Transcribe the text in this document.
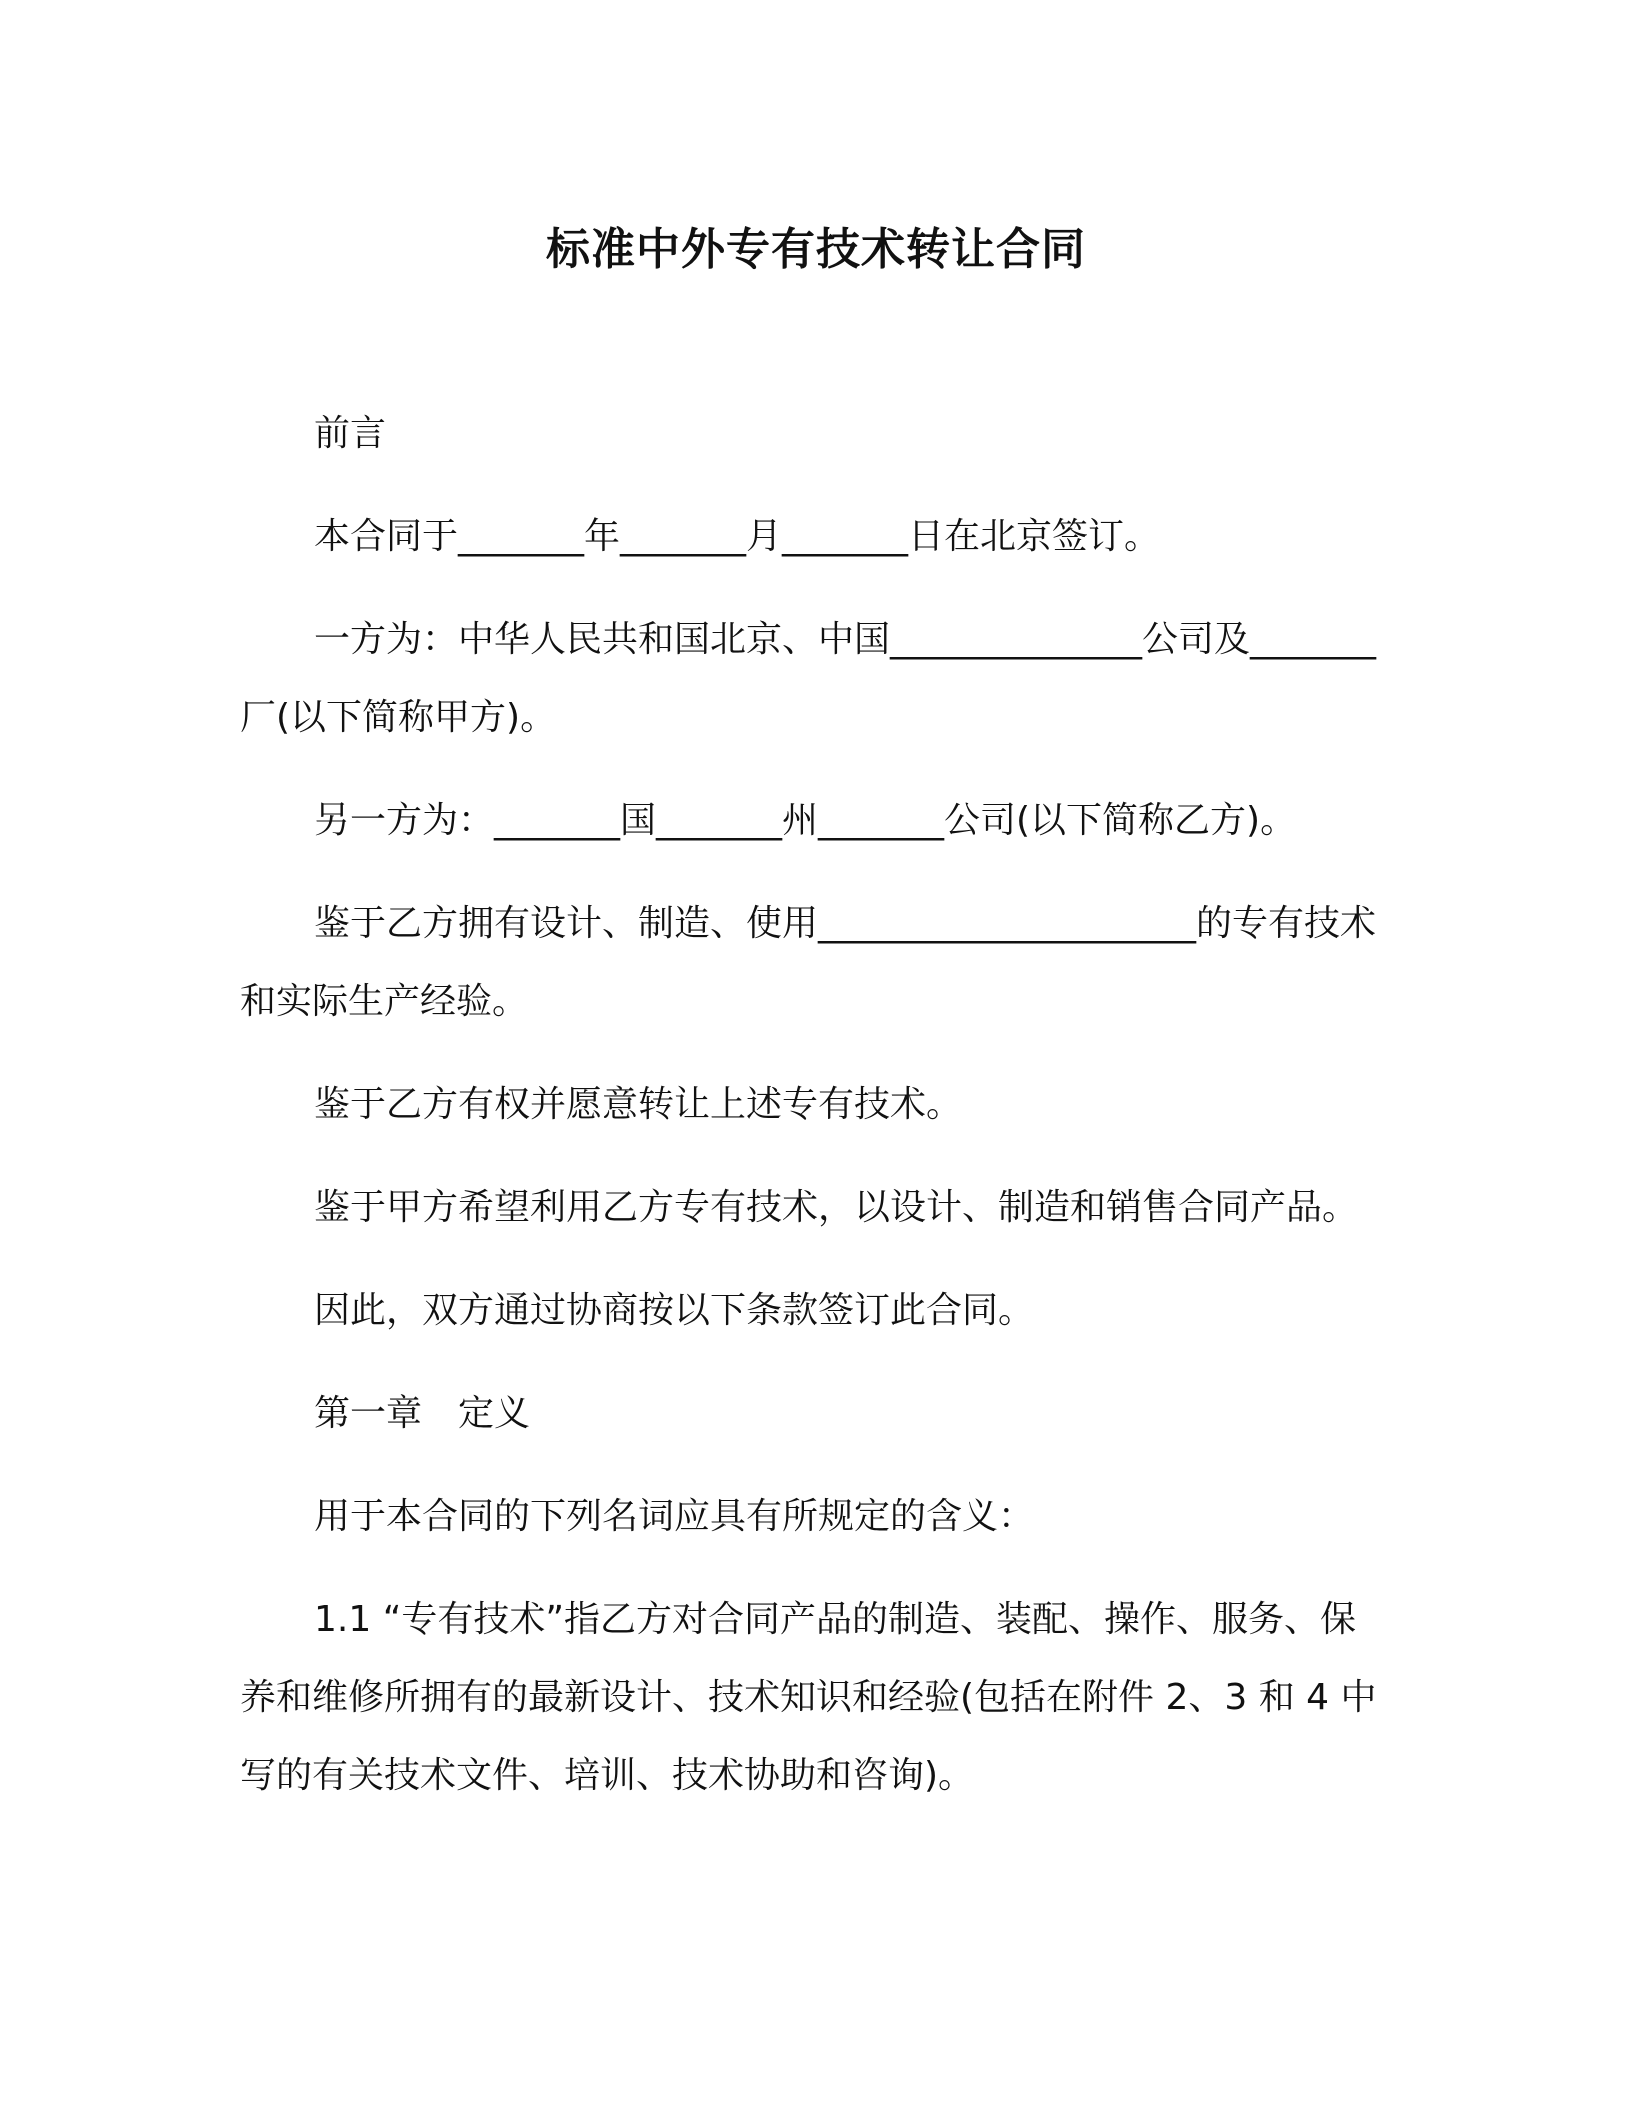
标准中外专有技术转让合同

前言

本合同于_______年_______月_______日在北京签订。

一方为：中华人民共和国北京、中国______________公司及_______厂(以下简称甲方)。

另一方为：_______国_______州_______公司(以下简称乙方)。

鉴于乙方拥有设计、制造、使用_____________________的专有技术和实际生产经验。

鉴于乙方有权并愿意转让上述专有技术。

鉴于甲方希望利用乙方专有技术，以设计、制造和销售合同产品。

因此，双方通过协商按以下条款签订此合同。

第一章　定义

用于本合同的下列名词应具有所规定的含义：

1.1 “专有技术”指乙方对合同产品的制造、装配、操作、服务、保养和维修所拥有的最新设计、技术知识和经验(包括在附件 2、3 和 4 中写的有关技术文件、培训、技术协助和咨询)。
